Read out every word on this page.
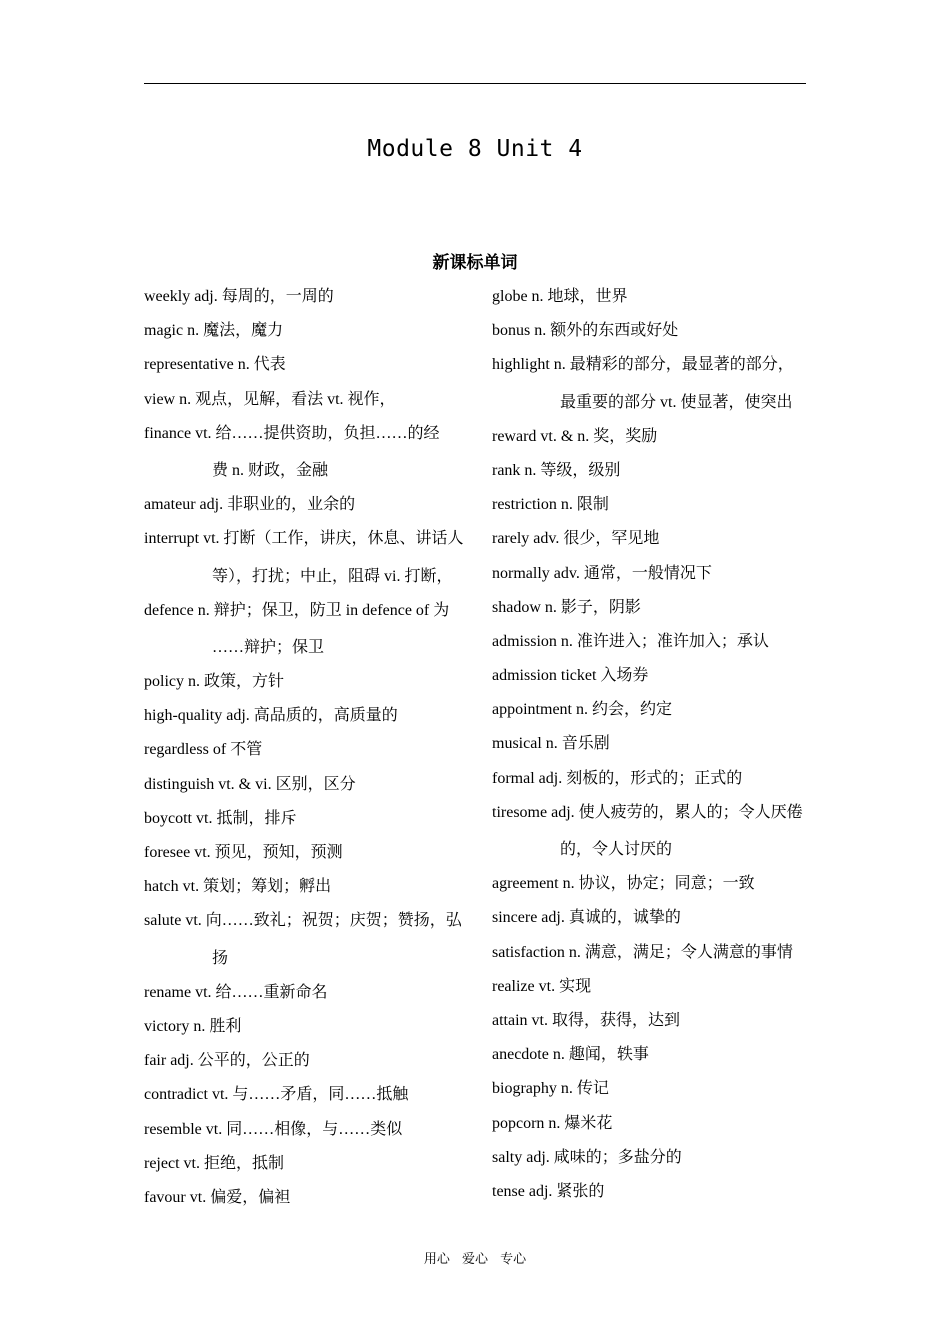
Module 8 Unit 4
新课标单词
weekly adj. 每周的，一周的
magic n. 魔法，魔力
representative n. 代表
view n. 观点，见解，看法 vt. 视作，
finance vt. 给……提供资助，负担……的经
费 n. 财政，金融
amateur adj. 非职业的，业余的
interrupt vt. 打断（工作，讲庆，休息、讲话人
等），打扰；中止，阻碍 vi. 打断，
defence n. 辩护；保卫，防卫 in defence of 为
……辩护；保卫
policy n. 政策，方针
high-quality adj. 高品质的，高质量的
regardless of 不管
distinguish vt. & vi. 区别，区分
boycott vt. 抵制，排斥
foresee vt. 预见，预知，预测
hatch vt. 策划；筹划；孵出
salute vt. 向……致礼；祝贺；庆贺；赞扬，弘
扬
rename vt. 给……重新命名
victory n. 胜利
fair adj. 公平的，公正的
contradict vt. 与……矛盾，同……抵触
resemble vt. 同……相像，与……类似
reject vt. 拒绝，抵制
favour vt. 偏爱，偏袒
globe n. 地球，世界
bonus n. 额外的东西或好处
highlight n. 最精彩的部分，最显著的部分，
最重要的部分 vt. 使显著，使突出
reward vt. & n. 奖，奖励
rank n. 等级，级别
restriction n. 限制
rarely adv. 很少，罕见地
normally adv. 通常，一般情况下
shadow n. 影子，阴影
admission n. 准许进入；准许加入；承认
admission ticket 入场券
appointment n. 约会，约定
musical n. 音乐剧
formal adj. 刻板的，形式的；正式的
tiresome adj. 使人疲劳的，累人的；令人厌倦
的，令人讨厌的
agreement n. 协议，协定；同意；一致
sincere adj. 真诚的，诚挚的
satisfaction n. 满意，满足；令人满意的事情
realize vt. 实现
attain vt. 取得，获得，达到
anecdote n. 趣闻，轶事
biography n. 传记
popcorn n. 爆米花
salty adj. 咸味的；多盐分的
tense adj. 紧张的
用心 爱心 专心
